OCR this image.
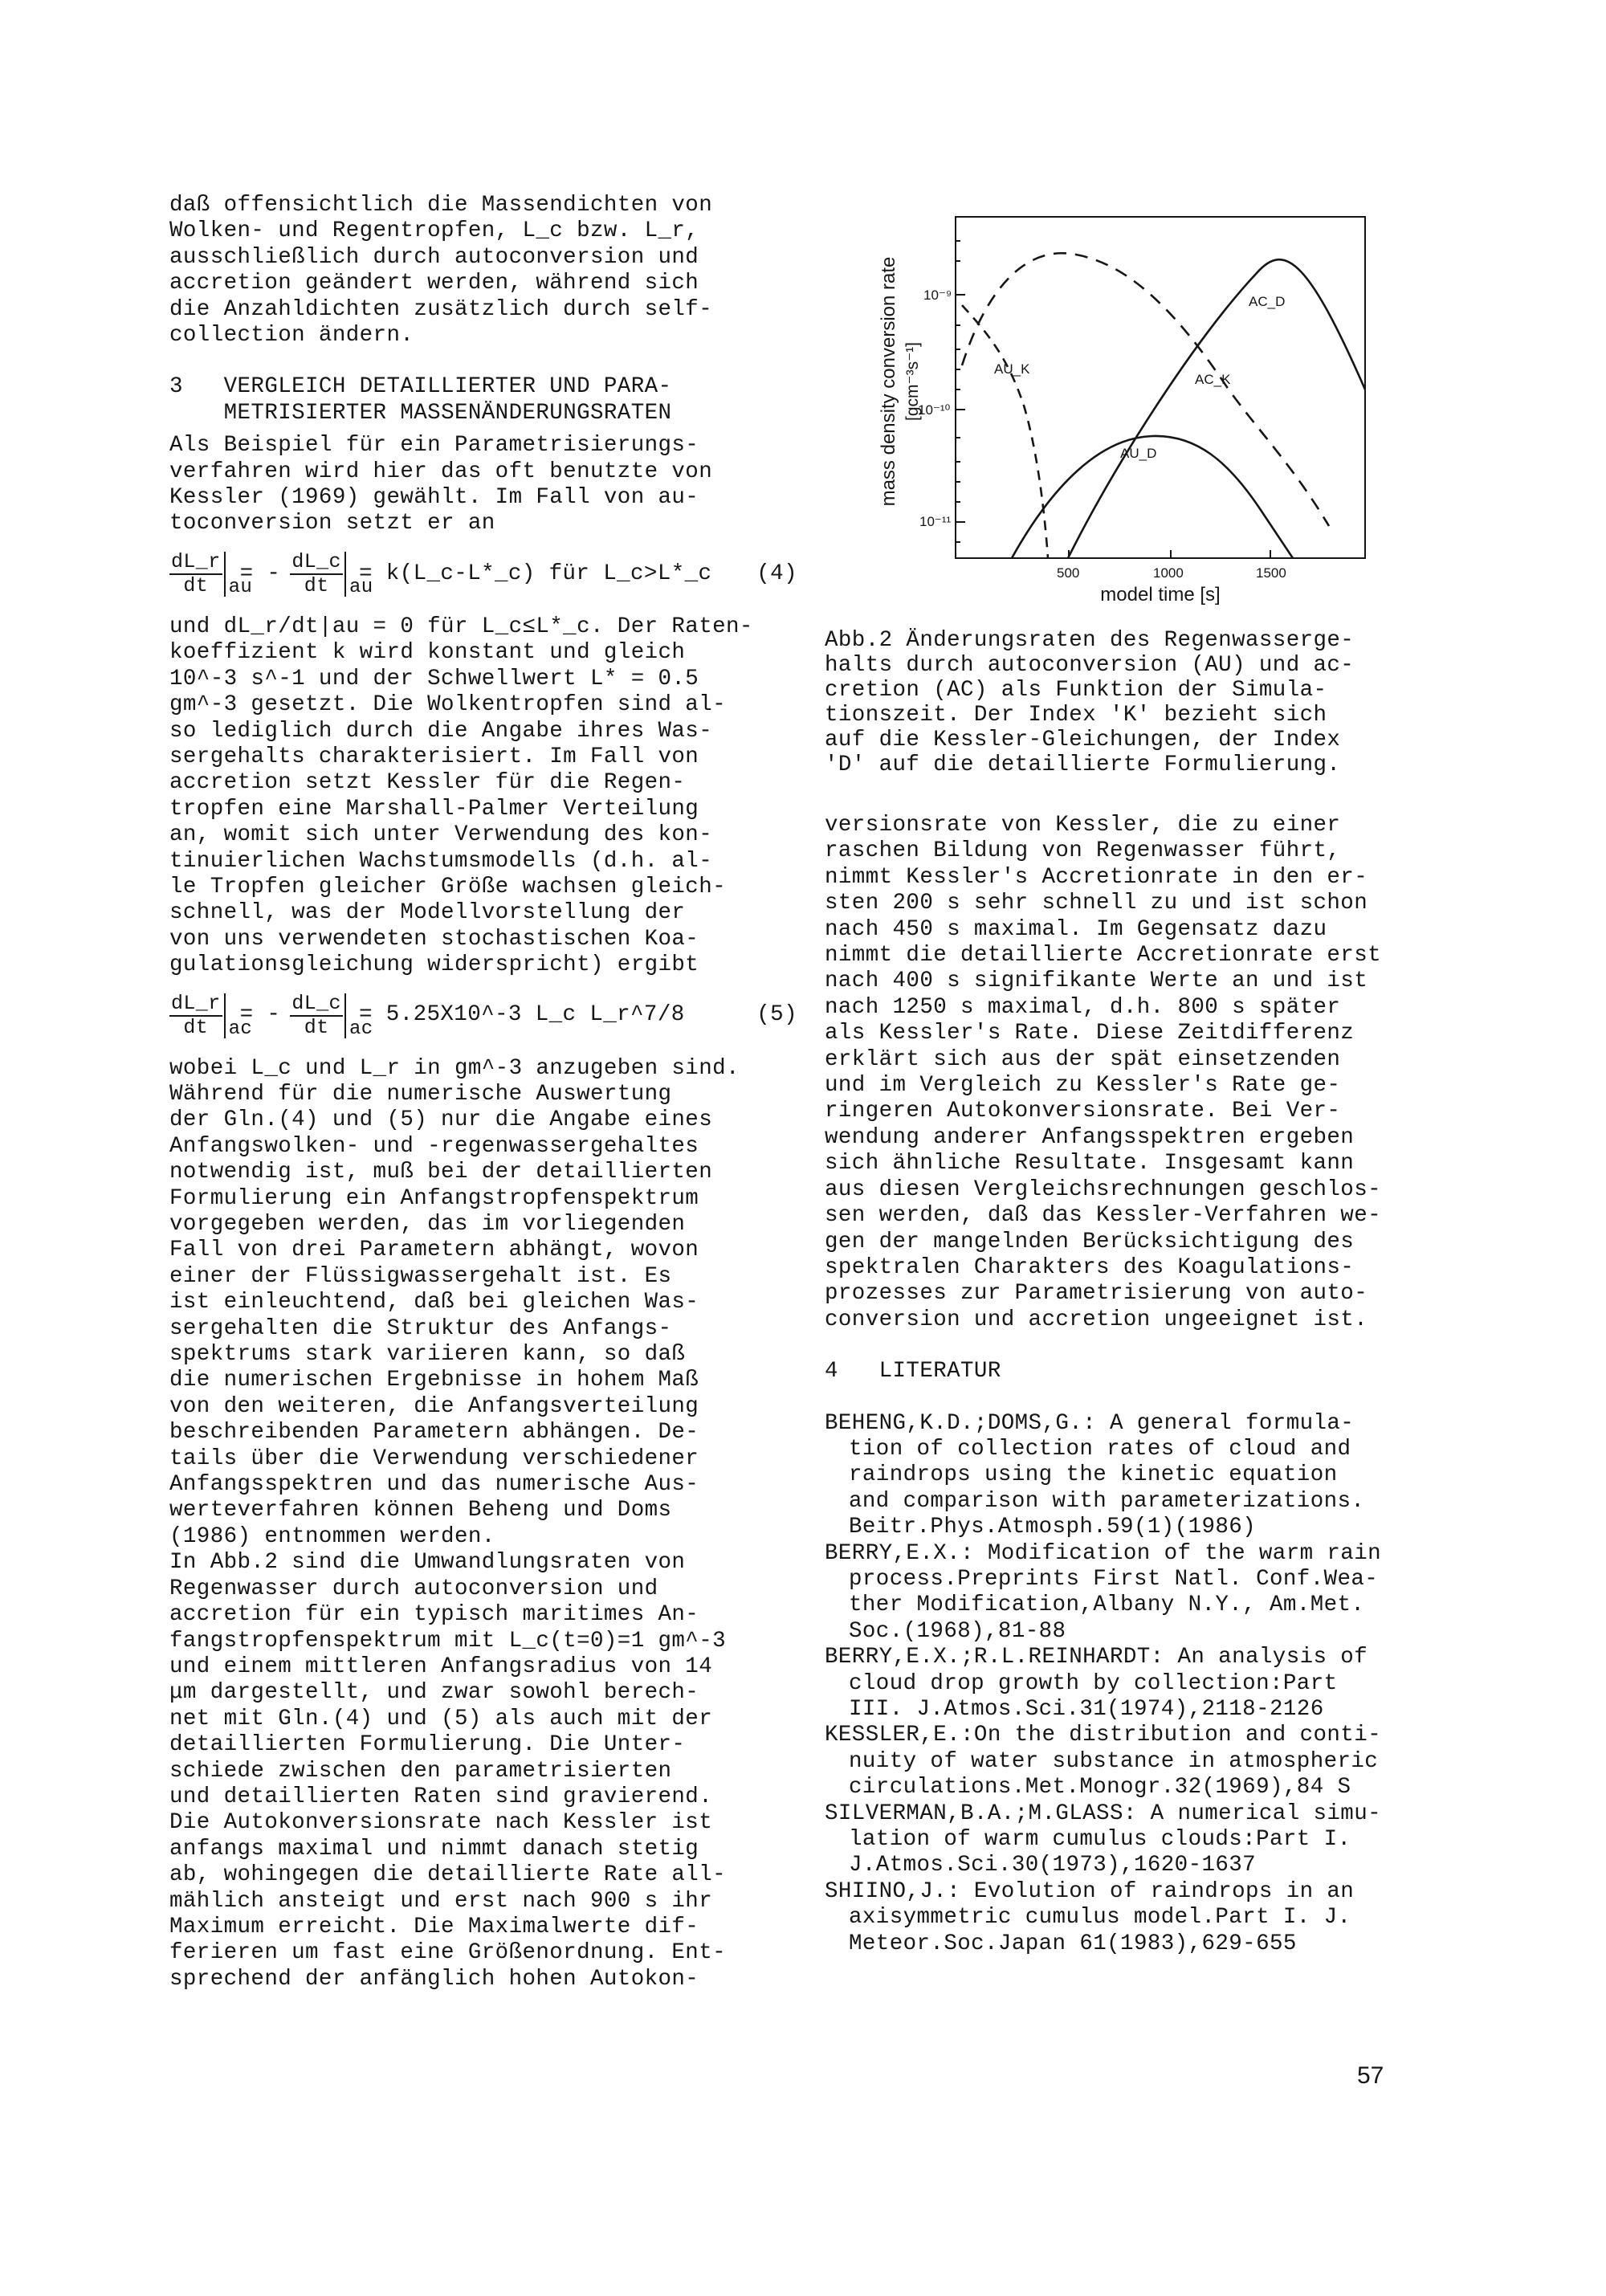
daß offensichtlich die Massendichten von
Wolken- und Regentropfen, L_c bzw. L_r,
ausschließlich durch autoconversion und
accretion geändert werden, während sich
die Anzahldichten zusätzlich durch self-
collection ändern.

3   VERGLEICH DETAILLIERTER UND PARA-
METRISIERTER MASSENÄNDERUNGSRATEN

Als Beispiel für ein Parametrisierungs-
verfahren wird hier das oft benutzte von
Kessler (1969) gewählt. Im Fall von au-
toconversion setzt er an

$\frac{dL\_r}{dt}$ au
= - $\frac{dL\_c}{dt}$ au
= k(L_c-L*_c) für L_c>L*_c (4)

und dL_r/dt|au = 0 für L_c≤L*_c. Der Raten-
koeffizient k wird konstant und gleich
10^-3 s^-1 und der Schwellwert L* = 0.5
gm^-3 gesetzt. Die Wolkentropfen sind al-
so lediglich durch die Angabe ihres Was-
sergehalts charakterisiert. Im Fall von
accretion setzt Kessler für die Regen-
tropfen eine Marshall-Palmer Verteilung
an, womit sich unter Verwendung des kon-
tinuierlichen Wachstumsmodells (d.h. al-
le Tropfen gleicher Größe wachsen gleich-
schnell, was der Modellvorstellung der
von uns verwendeten stochastischen Koa-
gulationsgleichung widerspricht) ergibt

$\frac{dL\_r}{dt}$ ac
= - $\frac{dL\_c}{dt}$ ac
= 5.25X10^-3 L_c L_r^7/8	(5)

wobei L_c und L_r in gm^-3 anzugeben sind.
Während für die numerische Auswertung
der Gln.(4) und (5) nur die Angabe eines
Anfangswolken- und -regenwassergehaltes
notwendig ist, muß bei der detaillierten
Formulierung ein Anfangstropfenspektrum
vorgegeben werden, das im vorliegenden
Fall von drei Parametern abhängt, wovon
einer der Flüssigwassergehalt ist. Es
ist einleuchtend, daß bei gleichen Was-
sergehalten die Struktur des Anfangs-
spektrums stark variieren kann, so daß
die numerischen Ergebnisse in hohem Maß
von den weiteren, die Anfangsverteilung
beschreibenden Parametern abhängen. De-
tails über die Verwendung verschiedener
Anfangsspektren und das numerische Aus-
werteverfahren können Beheng und Doms
(1986) entnommen werden.
In Abb.2 sind die Umwandlungsraten von
Regenwasser durch autoconversion und
accretion für ein typisch maritimes An-
fangstropfenspektrum mit L_c(t=0)=1 gm^-3
und einem mittleren Anfangsradius von 14
μm dargestellt, und zwar sowohl berech-
net mit Gln.(4) und (5) als auch mit der
detaillierten Formulierung. Die Unter-
schiede zwischen den parametrisierten
und detaillierten Raten sind gravierend.
Die Autokonversionsrate nach Kessler ist
anfangs maximal und nimmt danach stetig
ab, wohingegen die detaillierte Rate all-
mählich ansteigt und erst nach 900 s ihr
Maximum erreicht. Die Maximalwerte dif-
ferieren um fast eine Größenordnung. Ent-
sprechend der anfänglich hohen Autokon-

10⁻⁹
10⁻¹⁰
10⁻¹¹
500	1000	1500
model time [s]
mass density conversion rate [gcm⁻³s⁻¹]
AC_D
AC_K
AU_K
AU_D

Abb.2 Änderungsraten des Regenwasserge-
halts durch autoconversion (AU) und ac-
cretion (AC) als Funktion der Simula-
tionszeit. Der Index 'K' bezieht sich
auf die Kessler-Gleichungen, der Index
'D' auf die detaillierte Formulierung.

versionsrate von Kessler, die zu einer
raschen Bildung von Regenwasser führt,
nimmt Kessler's Accretionrate in den er-
sten 200 s sehr schnell zu und ist schon
nach 450 s maximal. Im Gegensatz dazu
nimmt die detaillierte Accretionrate erst
nach 400 s signifikante Werte an und ist
nach 1250 s maximal, d.h. 800 s später
als Kessler's Rate. Diese Zeitdifferenz
erklärt sich aus der spät einsetzenden
und im Vergleich zu Kessler's Rate ge-
ringeren Autokonversionsrate. Bei Ver-
wendung anderer Anfangsspektren ergeben
sich ähnliche Resultate. Insgesamt kann
aus diesen Vergleichsrechnungen geschlos-
sen werden, daß das Kessler-Verfahren we-
gen der mangelnden Berücksichtigung des
spektralen Charakters des Koagulations-
prozesses zur Parametrisierung von auto-
conversion und accretion ungeeignet ist.

4   LITERATUR

BEHENG,K.D.;DOMS,G.: A general formula-
tion of collection rates of cloud and
raindrops using the kinetic equation
and comparison with parameterizations.
Beitr.Phys.Atmosph.59(1)(1986)

BERRY,E.X.: Modification of the warm rain
process.Preprints First Natl. Conf.Wea-
ther Modification,Albany N.Y., Am.Met.
Soc.(1968),81-88

BERRY,E.X.;R.L.REINHARDT: An analysis of
cloud drop growth by collection:Part
III. J.Atmos.Sci.31(1974),2118-2126

KESSLER,E.:On the distribution and conti-
nuity of water substance in atmospheric
circulations.Met.Monogr.32(1969),84 S

SILVERMAN,B.A.;M.GLASS: A numerical simu-
lation of warm cumulus clouds:Part I.
J.Atmos.Sci.30(1973),1620-1637

SHIINO,J.: Evolution of raindrops in an
axisymmetric cumulus model.Part I. J.
Meteor.Soc.Japan 61(1983),629-655

57
